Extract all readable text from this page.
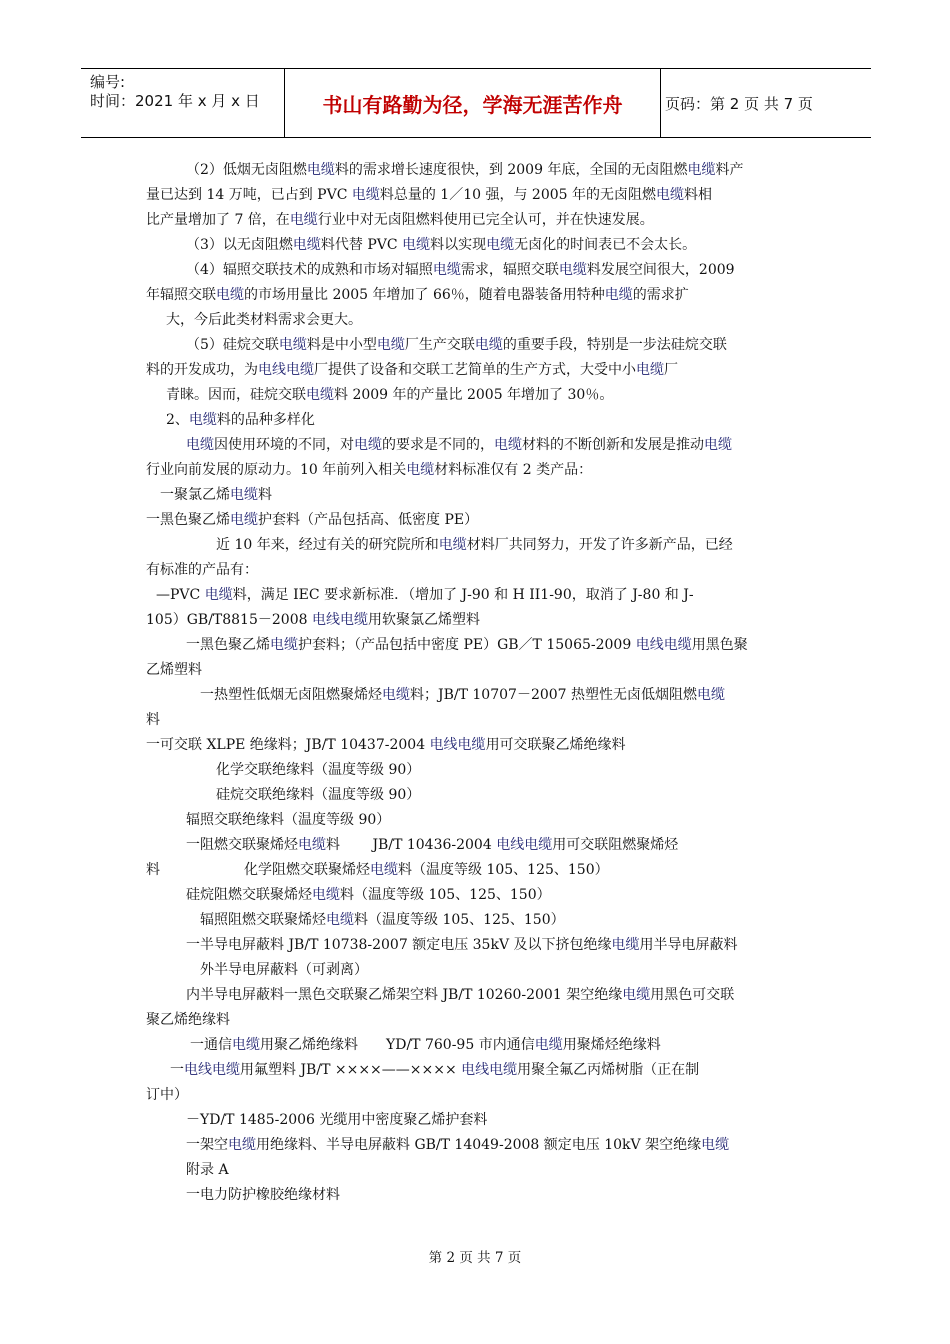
编号:
时间：2021 年 x 月 x 日	书山有路勤为径，学海无涯苦作舟	页码：第 2 页 共 7 页
（2）低烟无卤阻燃电缆料的需求增长速度很快，到 2009 年底，全国的无卤阻燃电缆料产
量已达到 14 万吨，已占到 PVC 电缆料总量的 1／10 强，与 2005 年的无卤阻燃电缆料相
比产量增加了 7 倍，在电缆行业中对无卤阻燃料使用已完全认可，并在快速发展。
（3）以无卤阻燃电缆料代替 PVC 电缆料以实现电缆无卤化的时间表已不会太长。
（4）辐照交联技术的成熟和市场对辐照电缆需求，辐照交联电缆料发展空间很大，2009
年辐照交联电缆的市场用量比 2005 年增加了 66％，随着电器装备用特种电缆的需求扩
大，今后此类材料需求会更大。
（5）硅烷交联电缆料是中小型电缆厂生产交联电缆的重要手段，特别是一步法硅烷交联
料的开发成功，为电线电缆厂提供了设备和交联工艺简单的生产方式，大受中小电缆厂
青睐。因而，硅烷交联电缆料 2009 年的产量比 2005 年增加了 30％。
2、电缆料的品种多样化
电缆因使用环境的不同，对电缆的要求是不同的，电缆材料的不断创新和发展是推动电缆
行业向前发展的原动力。10 年前列入相关电缆材料标准仅有 2 类产品：
一聚氯乙烯电缆料
一黑色聚乙烯电缆护套料（产品包括高、低密度 PE）
近 10 年来，经过有关的研究院所和电缆材料厂共同努力，开发了许多新产品，已经
有标准的产品有：
—PVC 电缆料，满足 IEC 要求新标准．（增加了 J-90 和 H II1-90，取消了 J-80 和 J-
105）GB/T8815－2008 电线电缆用软聚氯乙烯塑料
一黑色聚乙烯电缆护套料；（产品包括中密度 PE）GB／T 15065-2009 电线电缆用黑色聚
乙烯塑料
一热塑性低烟无卤阻燃聚烯烃电缆料；JB/T 10707－2007 热塑性无卤低烟阻燃电缆
料
一可交联 XLPE 绝缘料；JB/T 10437-2004 电线电缆用可交联聚乙烯绝缘料
化学交联绝缘料（温度等级 90）
硅烷交联绝缘料（温度等级 90）
辐照交联绝缘料（温度等级 90）
一阻燃交联聚烯烃电缆料　　 JB/T 10436-2004 电线电缆用可交联阻燃聚烯烃
料　　　　　　化学阻燃交联聚烯烃电缆料（温度等级 105、125、150）
硅烷阻燃交联聚烯烃电缆料（温度等级 105、125、150）
辐照阻燃交联聚烯烃电缆料（温度等级 105、125、150）
一半导电屏蔽料 JB/T 10738-2007 额定电压 35kV 及以下挤包绝缘电缆用半导电屏蔽料
外半导电屏蔽料（可剥离）
内半导电屏蔽料一黑色交联聚乙烯架空料 JB/T 10260-2001 架空绝缘电缆用黑色可交联
聚乙烯绝缘料
一通信电缆用聚乙烯绝缘料　　YD/T 760-95 市内通信电缆用聚烯烃绝缘料
一电线电缆用氟塑料 JB/T ××××——×××× 电线电缆用聚全氟乙丙烯树脂（正在制
订中）
－YD/T 1485-2006 光缆用中密度聚乙烯护套料
一架空电缆用绝缘料、半导电屏蔽料 GB/T 14049-2008 额定电压 10kV 架空绝缘电缆
附录 A
一电力防护橡胶绝缘材料
第 2 页 共 7 页
